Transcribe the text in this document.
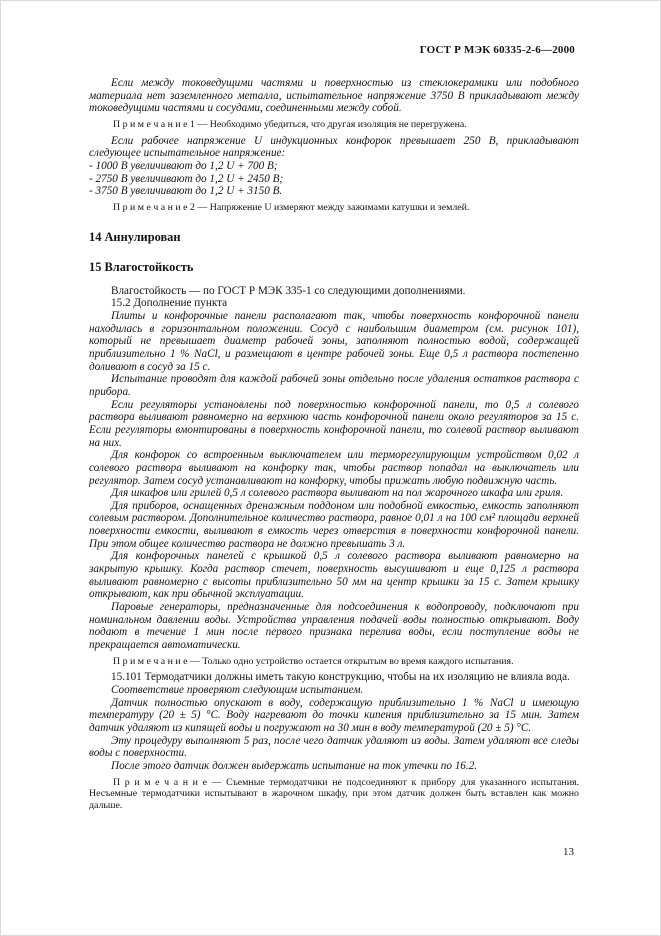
ГОСТ Р МЭК 60335-2-6—2000

Если между токоведущими частями и поверхностью из стеклокерамики или подобного материала нет заземленного металла, испытательное напряжение 3750 В прикладывают между токоведущими частями и сосудами, соединенными между собой.

П р и м е ч а н и е 1 — Необходимо убедиться, что другая изоляция не перегружена.

Если рабочее напряжение U индукционных конфорок превышает 250 В, прикладывают следующее испытательное напряжение:

- 1000 В увеличивают до 1,2 U + 700 В;

- 2750 В увеличивают до 1,2 U + 2450 В;

- 3750 В увеличивают до 1,2 U + 3150 В.

П р и м е ч а н и е 2 — Напряжение U измеряют между зажимами катушки и землей.

14 Аннулирован

15 Влагостойкость

Влагостойкость — по ГОСТ Р МЭК 335-1 со следующими дополнениями.

15.2 Дополнение пункта

Плиты и конфорочные панели располагают так, чтобы поверхность конфорочной панели находилась в горизонтальном положении. Сосуд с наибольшим диаметром (см. рисунок 101), который не превышает диаметр рабочей зоны, заполняют полностью водой, содержащей приблизительно 1 % NaCl, и размещают в центре рабочей зоны. Еще 0,5 л раствора постепенно доливают в сосуд за 15 с.

Испытание проводят для каждой рабочей зоны отдельно после удаления остатков раствора с прибора.

Если регуляторы установлены под поверхностью конфорочной панели, то 0,5 л солевого раствора выливают равномерно на верхнюю часть конфорочной панели около регуляторов за 15 с. Если регуляторы вмонтированы в поверхность конфорочной панели, то солевой раствор выливают на них.

Для конфорок со встроенным выключателем или терморегулирующим устройством 0,02 л солевого раствора выливают на конфорку так, чтобы раствор попадал на выключатель или регулятор. Затем сосуд устанавливают на конфорку, чтобы прижать любую подвижную часть.

Для шкафов или грилей 0,5 л солевого раствора выливают на пол жарочного шкафа или гриля.

Для приборов, оснащенных дренажным поддоном или подобной емкостью, емкость заполняют солевым раствором. Дополнительное количество раствора, равное 0,01 л на 100 см² площади верхней поверхности емкости, выливают в емкость через отверстия в поверхности конфорочной панели. При этом общее количество раствора не должно превышать 3 л.

Для конфорочных панелей с крышкой 0,5 л солевого раствора выливают равномерно на закрытую крышку. Когда раствор стечет, поверхность высушивают и еще 0,125 л раствора выливают равномерно с высоты приблизительно 50 мм на центр крышки за 15 с. Затем крышку открывают, как при обычной эксплуатации.

Паровые генераторы, предназначенные для подсоединения к водопроводу, подключают при номинальном давлении воды. Устройства управления подачей воды полностью открывают. Воду подают в течение 1 мин после первого признака перелива воды, если поступление воды не прекращается автоматически.

П р и м е ч а н и е — Только одно устройство остается открытым во время каждого испытания.

15.101 Термодатчики должны иметь такую конструкцию, чтобы на их изоляцию не влияла вода.

Соответствие проверяют следующим испытанием.

Датчик полностью опускают в воду, содержащую приблизительно 1 % NaCl и имеющую температуру (20 ± 5) °С. Воду нагревают до точки кипения приблизительно за 15 мин. Затем датчик удаляют из кипящей воды и погружают на 30 мин в воду температурой (20 ± 5) °С.

Эту процедуру выполняют 5 раз, после чего датчик удаляют из воды. Затем удаляют все следы воды с поверхности.

После этого датчик должен выдержать испытание на ток утечки по 16.2.

П р и м е ч а н и е — Съемные термодатчики не подсоединяют к прибору для указанного испытания. Несъемные термодатчики испытывают в жарочном шкафу, при этом датчик должен быть вставлен как можно дальше.

13
